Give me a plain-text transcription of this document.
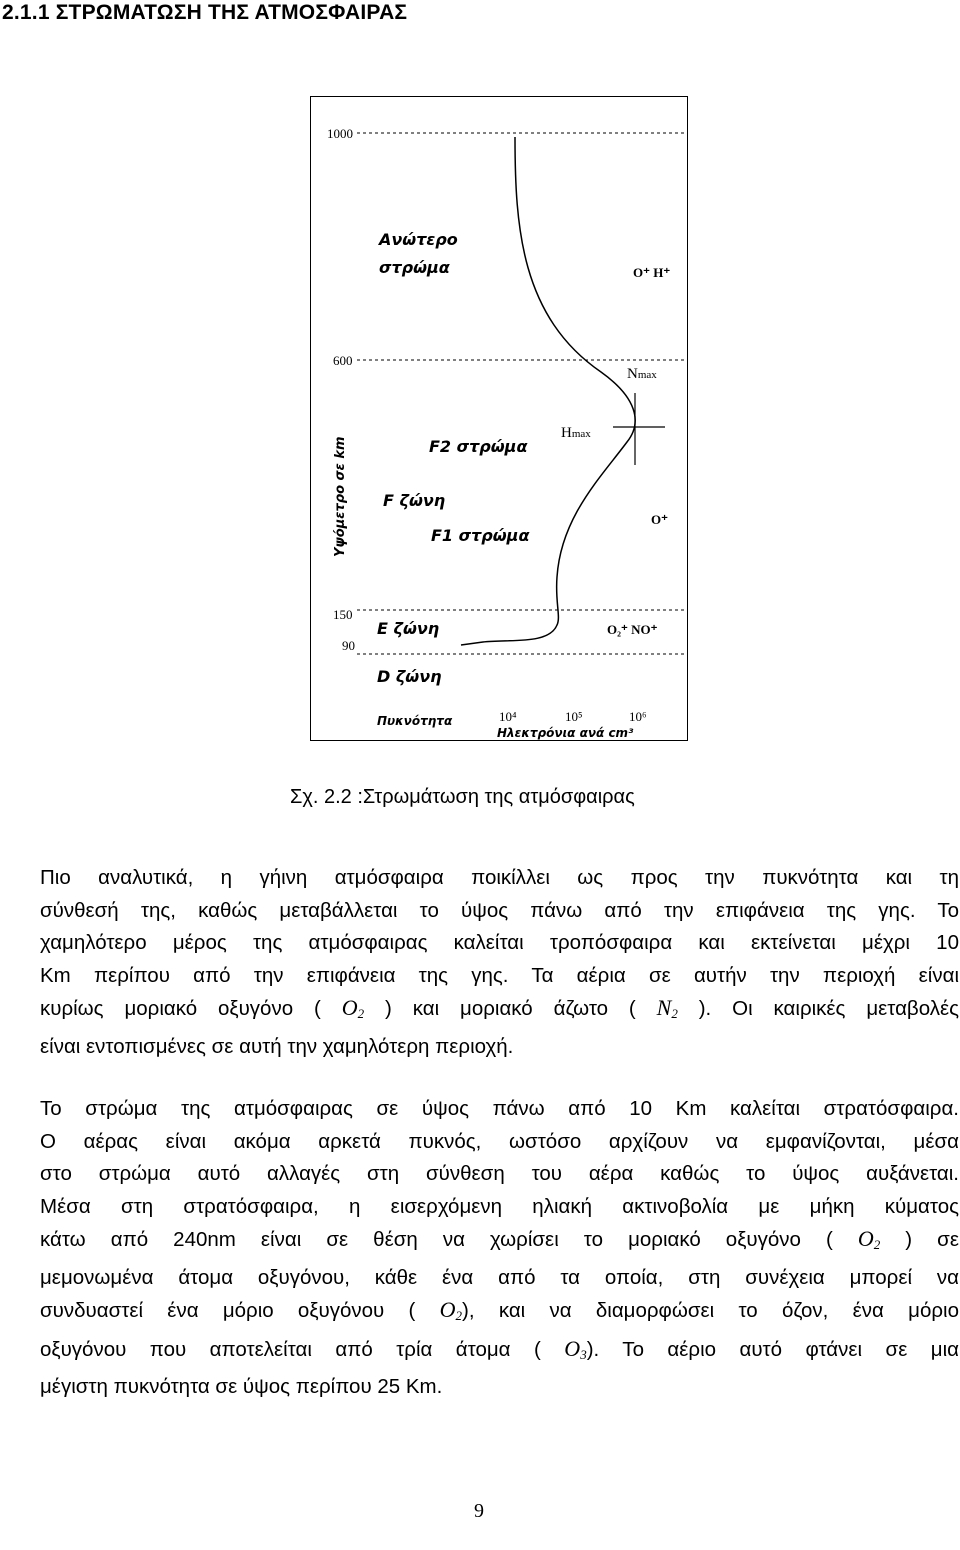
2.1.1 ΣΤΡΩΜΑΤΩΣΗ ΤΗΣ ΑΤΜΟΣΦΑΙΡΑΣ
1000
600
150
90
Υψόμετρο σε km
Ανώτερο
στρώμα
F2 στρώμα
F ζώνη
F1 στρώμα
Ε ζώνη
D ζώνη
O⁺ H⁺
Nmax
Hmax
O⁺
O₂⁺ NO⁺
Πυκνότητα	10⁴	10⁵	10⁶
Ηλεκτρόνια ανά cm³
Σχ. 2.2 :Στρωμάτωση της ατμόσφαιρας
Πιο αναλυτικά, η γήινη ατμόσφαιρα ποικίλλει ως προς την πυκνότητα και τη
σύνθεσή της, καθώς μεταβάλλεται το ύψος πάνω από την επιφάνεια της γης. Το
χαμηλότερο μέρος της ατμόσφαιρας καλείται τροπόσφαιρα και εκτείνεται μέχρι 10
Km περίπου από την επιφάνεια της γης. Τα αέρια σε αυτήν την περιοχή είναι
κυρίως μοριακό οξυγόνο ( $O_2$ ) και μοριακό άζωτο ( $N_2$ ). Οι καιρικές μεταβολές
είναι εντοπισμένες σε αυτή την χαμηλότερη περιοχή.
Το στρώμα της ατμόσφαιρας σε ύψος πάνω από 10 Km καλείται στρατόσφαιρα.
Ο αέρας είναι ακόμα αρκετά πυκνός, ωστόσο αρχίζουν να εμφανίζονται, μέσα
στο στρώμα αυτό αλλαγές στη σύνθεση του αέρα καθώς το ύψος αυξάνεται.
Μέσα στη στρατόσφαιρα, η εισερχόμενη ηλιακή ακτινοβολία με μήκη κύματος
κάτω από 240nm είναι σε θέση να χωρίσει το μοριακό οξυγόνο ( $O_2$ ) σε
μεμονωμένα άτομα οξυγόνου, κάθε ένα από τα οποία, στη συνέχεια μπορεί να
συνδυαστεί ένα μόριο οξυγόνου ( $O_2$), και να διαμορφώσει το όζον, ένα μόριο
οξυγόνου που αποτελείται από τρία άτομα ( $O_3$). Το αέριο αυτό φτάνει σε μια
μέγιστη πυκνότητα σε ύψος περίπου 25 Km.
9
